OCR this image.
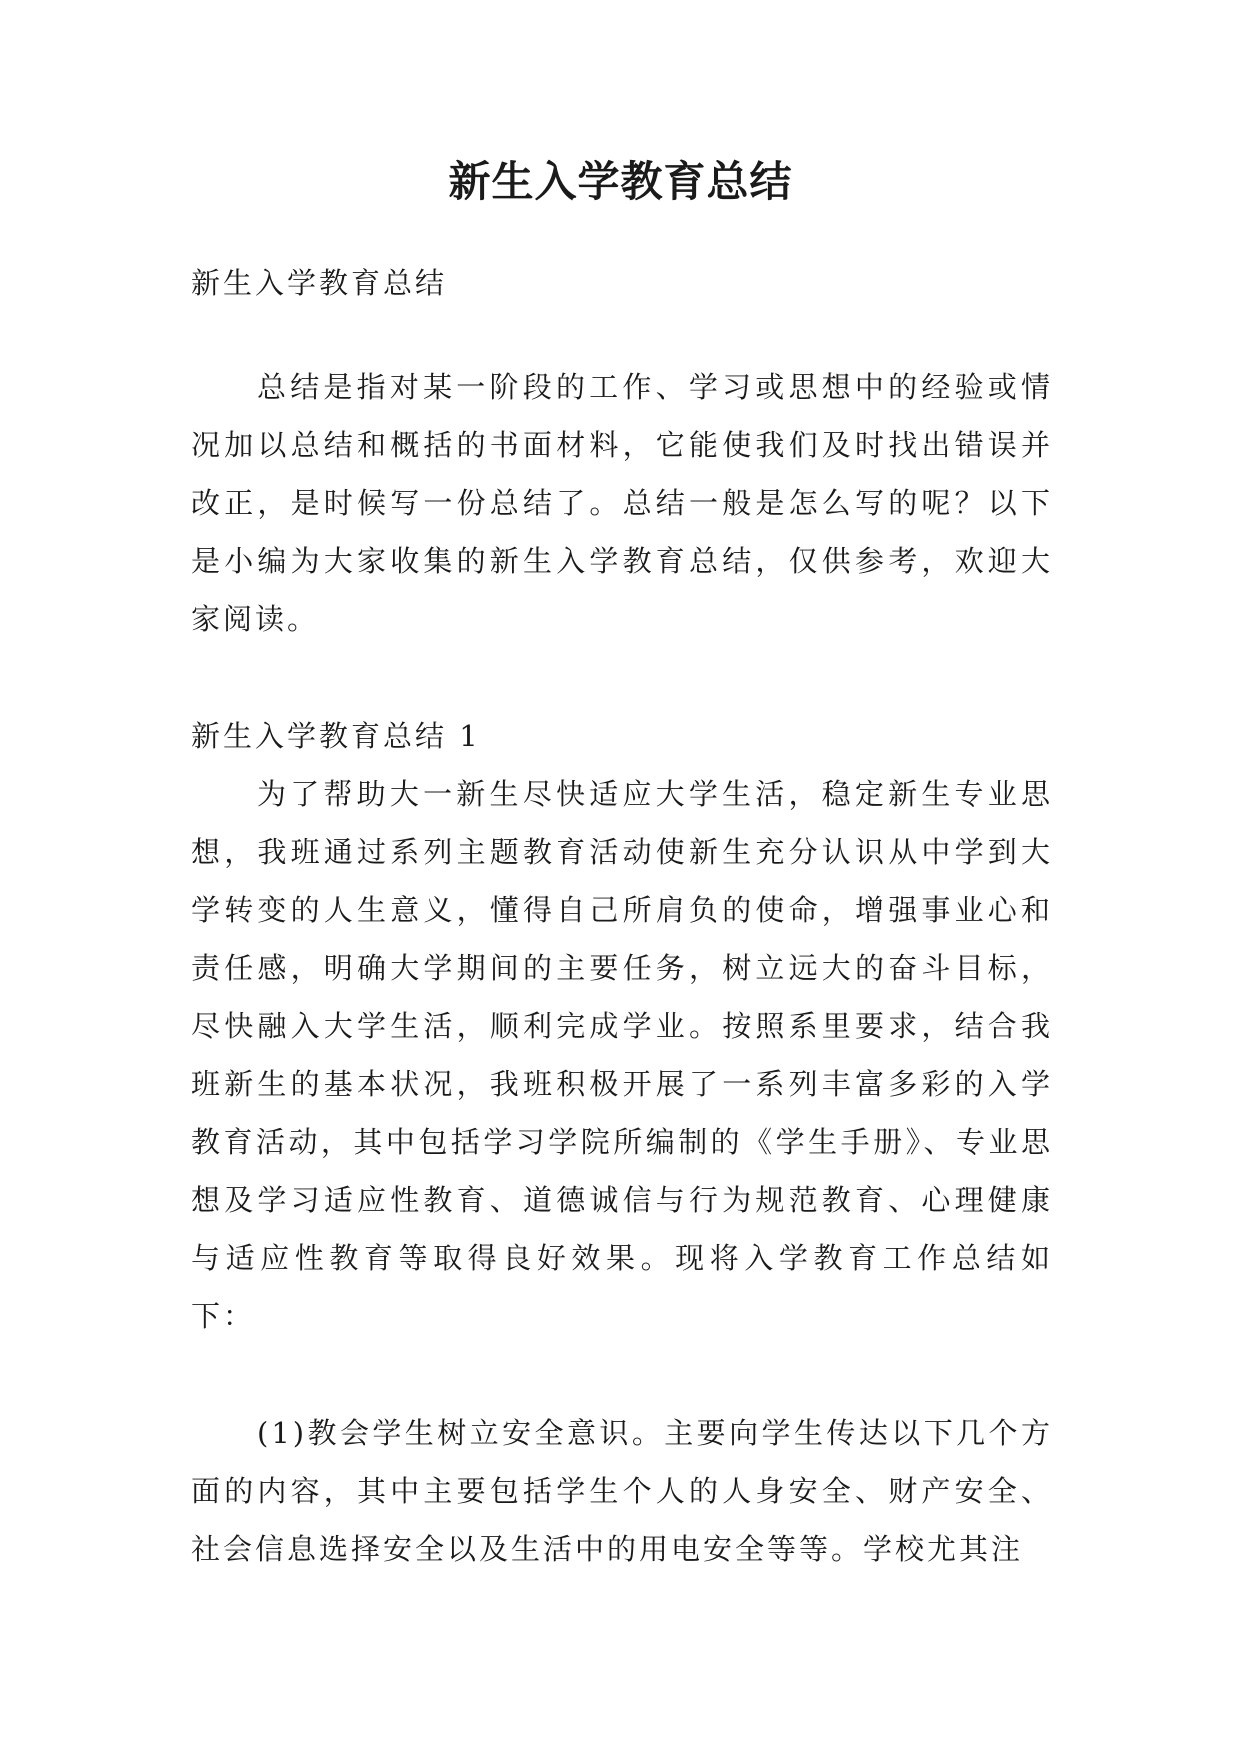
新生入学教育总结

新生入学教育总结

总结是指对某一阶段的工作、学习或思想中的经验或情况加以总结和概括的书面材料，它能使我们及时找出错误并改正，是时候写一份总结了。总结一般是怎么写的呢？以下是小编为大家收集的新生入学教育总结，仅供参考，欢迎大家阅读。

新生入学教育总结 1

为了帮助大一新生尽快适应大学生活，稳定新生专业思想，我班通过系列主题教育活动使新生充分认识从中学到大学转变的人生意义，懂得自己所肩负的使命，增强事业心和责任感，明确大学期间的主要任务，树立远大的奋斗目标，尽快融入大学生活，顺利完成学业。按照系里要求，结合我班新生的基本状况，我班积极开展了一系列丰富多彩的入学教育活动，其中包括学习学院所编制的《学生手册》、专业思想及学习适应性教育、道德诚信与行为规范教育、心理健康与适应性教育等取得良好效果。现将入学教育工作总结如下：

(1)教会学生树立安全意识。主要向学生传达以下几个方面的内容，其中主要包括学生个人的人身安全、财产安全、社会信息选择安全以及生活中的用电安全等等。学校尤其注
